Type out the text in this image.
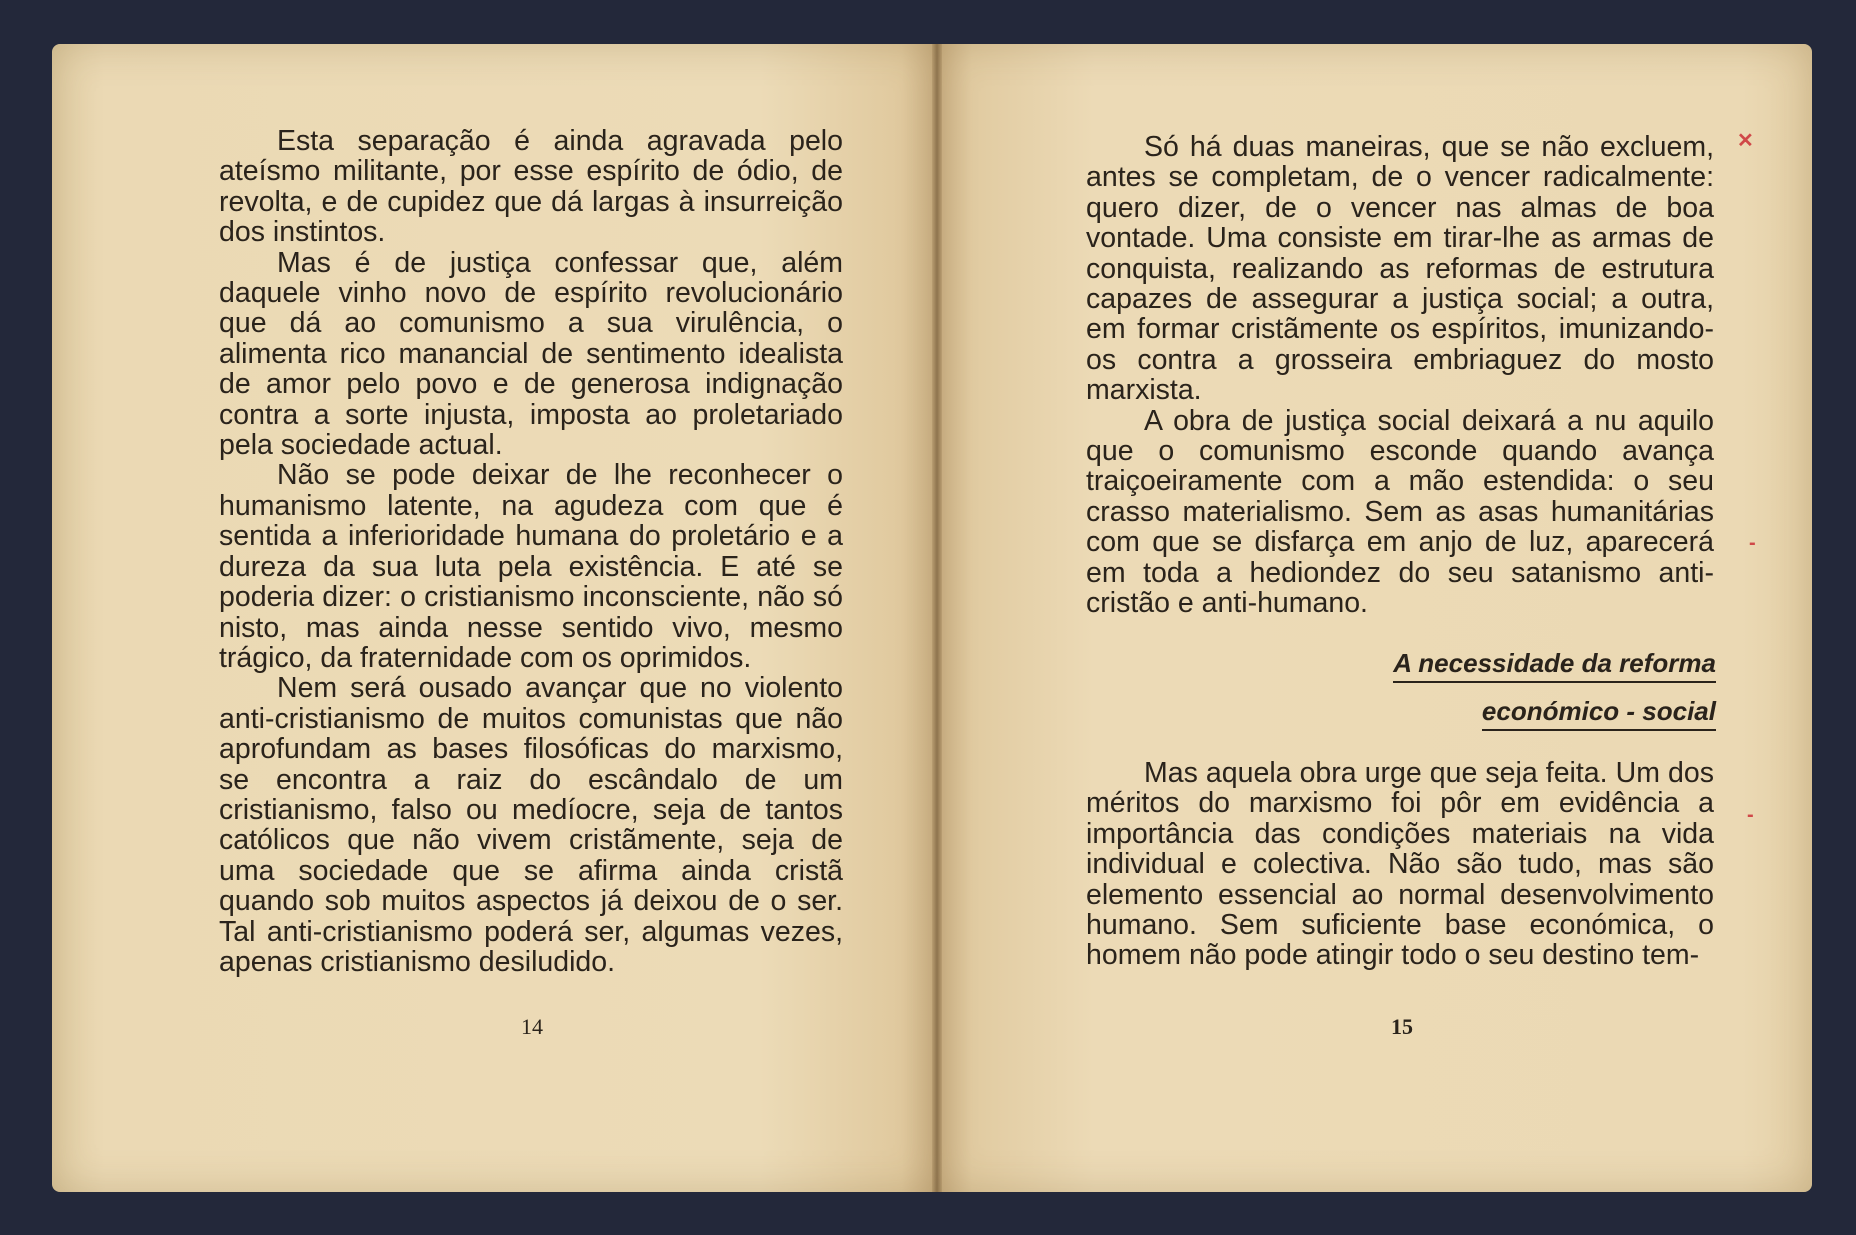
Esta separação é ainda agravada pelo ateísmo militante, por esse espírito de ódio, de revolta, e de cupidez que dá largas à insurreição dos instintos.

Mas é de justiça confessar que, além daquele vinho novo de espírito revolucionário que dá ao comunismo a sua virulência, o alimenta rico manancial de sentimento idealista de amor pelo povo e de generosa indignação contra a sorte injusta, imposta ao proletariado pela sociedade actual.

Não se pode deixar de lhe reconhecer o humanismo latente, na agudeza com que é sentida a inferioridade humana do proletário e a dureza da sua luta pela existência. E até se poderia dizer: o cristianismo inconsciente, não só nisto, mas ainda nesse sentido vivo, mesmo trágico, da fraternidade com os oprimidos.

Nem será ousado avançar que no violento anti-cristianismo de muitos comunistas que não aprofundam as bases filosóficas do marxismo, se encontra a raiz do escândalo de um cristianismo, falso ou medíocre, seja de tantos católicos que não vivem cristãmente, seja de uma sociedade que se afirma ainda cristã quando sob muitos aspectos já deixou de o ser. Tal anti-cristianismo poderá ser, algumas vezes, apenas cristianismo desiludido.

14

Só há duas maneiras, que se não excluem, antes se completam, de o vencer radicalmente: quero dizer, de o vencer nas almas de boa vontade. Uma consiste em tirar-lhe as armas de conquista, realizando as reformas de estrutura capazes de assegurar a justiça social; a outra, em formar cristãmente os espíritos, imunizando-os contra a grosseira embriaguez do mosto marxista.

A obra de justiça social deixará a nu aquilo que o comunismo esconde quando avança traiçoeiramente com a mão estendida: o seu crasso materialismo. Sem as asas humanitárias com que se disfarça em anjo de luz, aparecerá em toda a hediondez do seu satanismo anti-cristão e anti-humano.

A necessidade da reforma
económico - social

Mas aquela obra urge que seja feita. Um dos méritos do marxismo foi pôr em evidência a importância das condições materiais na vida individual e colectiva. Não são tudo, mas são elemento essencial ao normal desenvolvimento humano. Sem suficiente base económica, o homem não pode atingir todo o seu destino tem-

15
✕
-
-
